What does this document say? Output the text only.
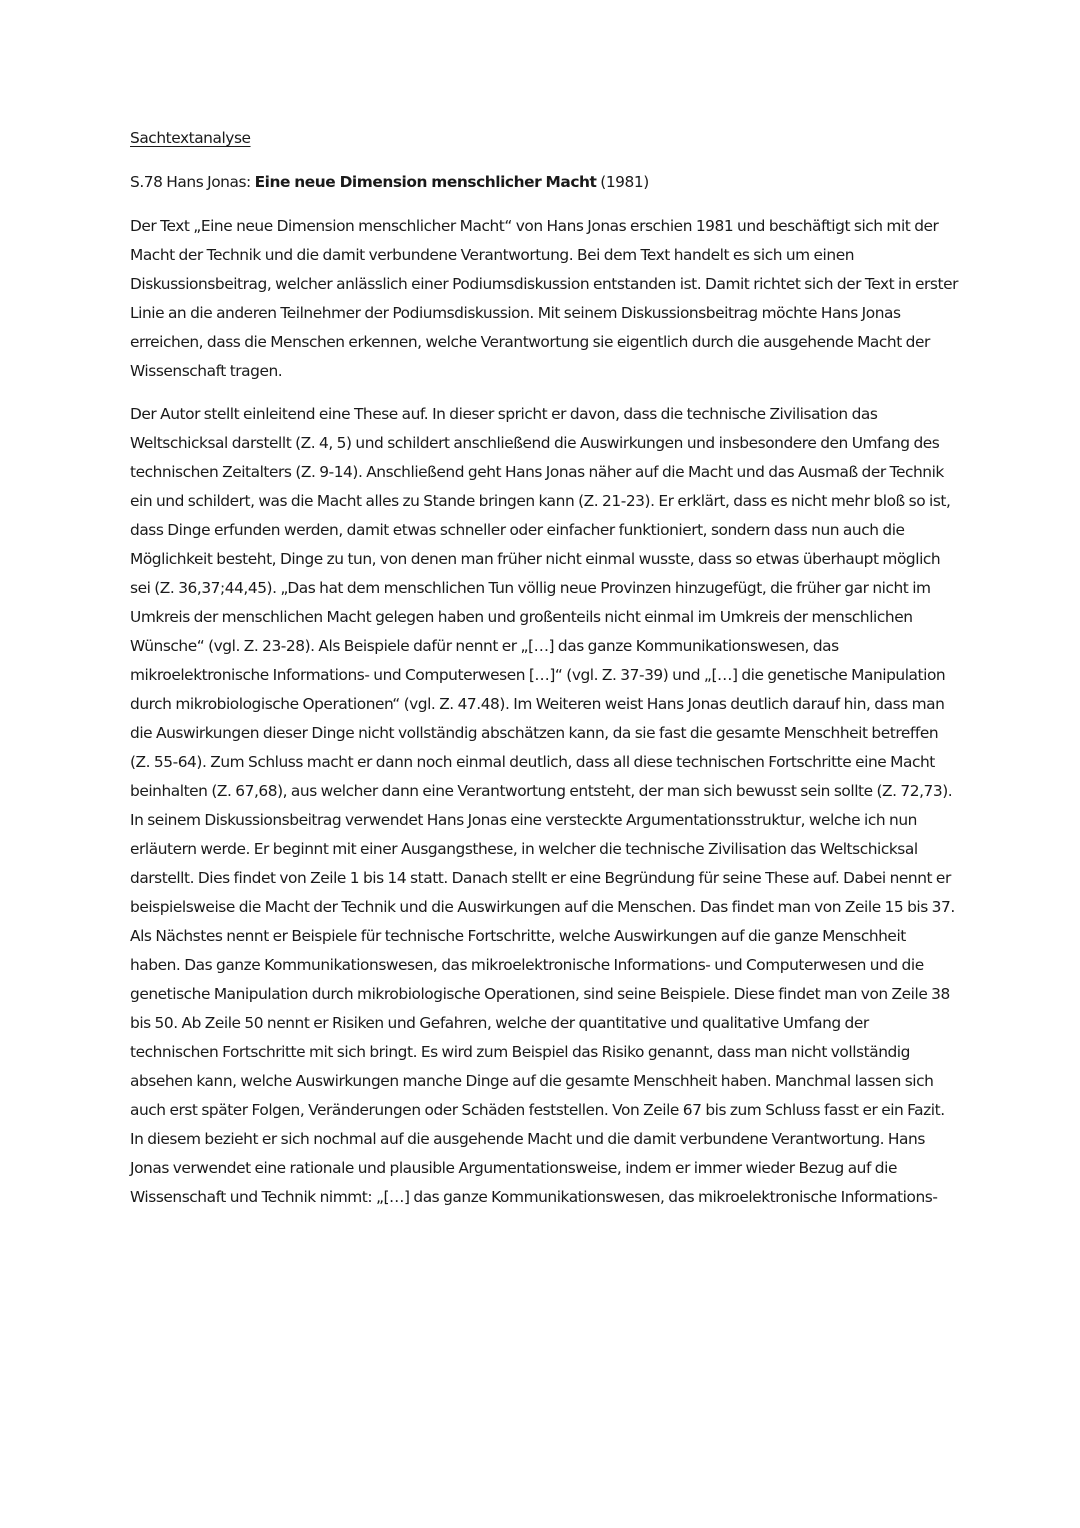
Sachtextanalyse

S.78 Hans Jonas: Eine neue Dimension menschlicher Macht (1981)

Der Text „Eine neue Dimension menschlicher Macht“ von Hans Jonas erschien 1981 und beschäftigt sich mit der Macht der Technik und die damit verbundene Verantwortung. Bei dem Text handelt es sich um einen Diskussionsbeitrag, welcher anlässlich einer Podiumsdiskussion entstanden ist. Damit richtet sich der Text in erster Linie an die anderen Teilnehmer der Podiumsdiskussion. Mit seinem Diskussionsbeitrag möchte Hans Jonas erreichen, dass die Menschen erkennen, welche Verantwortung sie eigentlich durch die ausgehende Macht der Wissenschaft tragen.

Der Autor stellt einleitend eine These auf. In dieser spricht er davon, dass die technische Zivilisation das Weltschicksal darstellt (Z. 4, 5) und schildert anschließend die Auswirkungen und insbesondere den Umfang des technischen Zeitalters (Z. 9-14). Anschließend geht Hans Jonas näher auf die Macht und das Ausmaß der Technik ein und schildert, was die Macht alles zu Stande bringen kann (Z. 21-23). Er erklärt, dass es nicht mehr bloß so ist, dass Dinge erfunden werden, damit etwas schneller oder einfacher funktioniert, sondern dass nun auch die Möglichkeit besteht, Dinge zu tun, von denen man früher nicht einmal wusste, dass so etwas überhaupt möglich sei (Z. 36,37;44,45). „Das hat dem menschlichen Tun völlig neue Provinzen hinzugefügt, die früher gar nicht im Umkreis der menschlichen Macht gelegen haben und großenteils nicht einmal im Umkreis der menschlichen Wünsche“ (vgl. Z. 23-28). Als Beispiele dafür nennt er „[…] das ganze Kommunikationswesen, das mikroelektronische Informations- und Computerwesen […]“ (vgl. Z. 37-39) und „[…] die genetische Manipulation durch mikrobiologische Operationen“ (vgl. Z. 47.48). Im Weiteren weist Hans Jonas deutlich darauf hin, dass man die Auswirkungen dieser Dinge nicht vollständig abschätzen kann, da sie fast die gesamte Menschheit betreffen (Z. 55-64). Zum Schluss macht er dann noch einmal deutlich, dass all diese technischen Fortschritte eine Macht beinhalten (Z. 67,68), aus welcher dann eine Verantwortung entsteht, der man sich bewusst sein sollte (Z. 72,73).

In seinem Diskussionsbeitrag verwendet Hans Jonas eine versteckte Argumentationsstruktur, welche ich nun erläutern werde. Er beginnt mit einer Ausgangsthese, in welcher die technische Zivilisation das Weltschicksal darstellt. Dies findet von Zeile 1 bis 14 statt. Danach stellt er eine Begründung für seine These auf. Dabei nennt er beispielsweise die Macht der Technik und die Auswirkungen auf die Menschen. Das findet man von Zeile 15 bis 37. Als Nächstes nennt er Beispiele für technische Fortschritte, welche Auswirkungen auf die ganze Menschheit haben. Das ganze Kommunikationswesen, das mikroelektronische Informations- und Computerwesen und die genetische Manipulation durch mikrobiologische Operationen, sind seine Beispiele. Diese findet man von Zeile 38 bis 50. Ab Zeile 50 nennt er Risiken und Gefahren, welche der quantitative und qualitative Umfang der technischen Fortschritte mit sich bringt. Es wird zum Beispiel das Risiko genannt, dass man nicht vollständig absehen kann, welche Auswirkungen manche Dinge auf die gesamte Menschheit haben. Manchmal lassen sich auch erst später Folgen, Veränderungen oder Schäden feststellen. Von Zeile 67 bis zum Schluss fasst er ein Fazit. In diesem bezieht er sich nochmal auf die ausgehende Macht und die damit verbundene Verantwortung. Hans Jonas verwendet eine rationale und plausible Argumentationsweise, indem er immer wieder Bezug auf die Wissenschaft und Technik nimmt: „[…] das ganze Kommunikationswesen, das mikroelektronische Informations-
